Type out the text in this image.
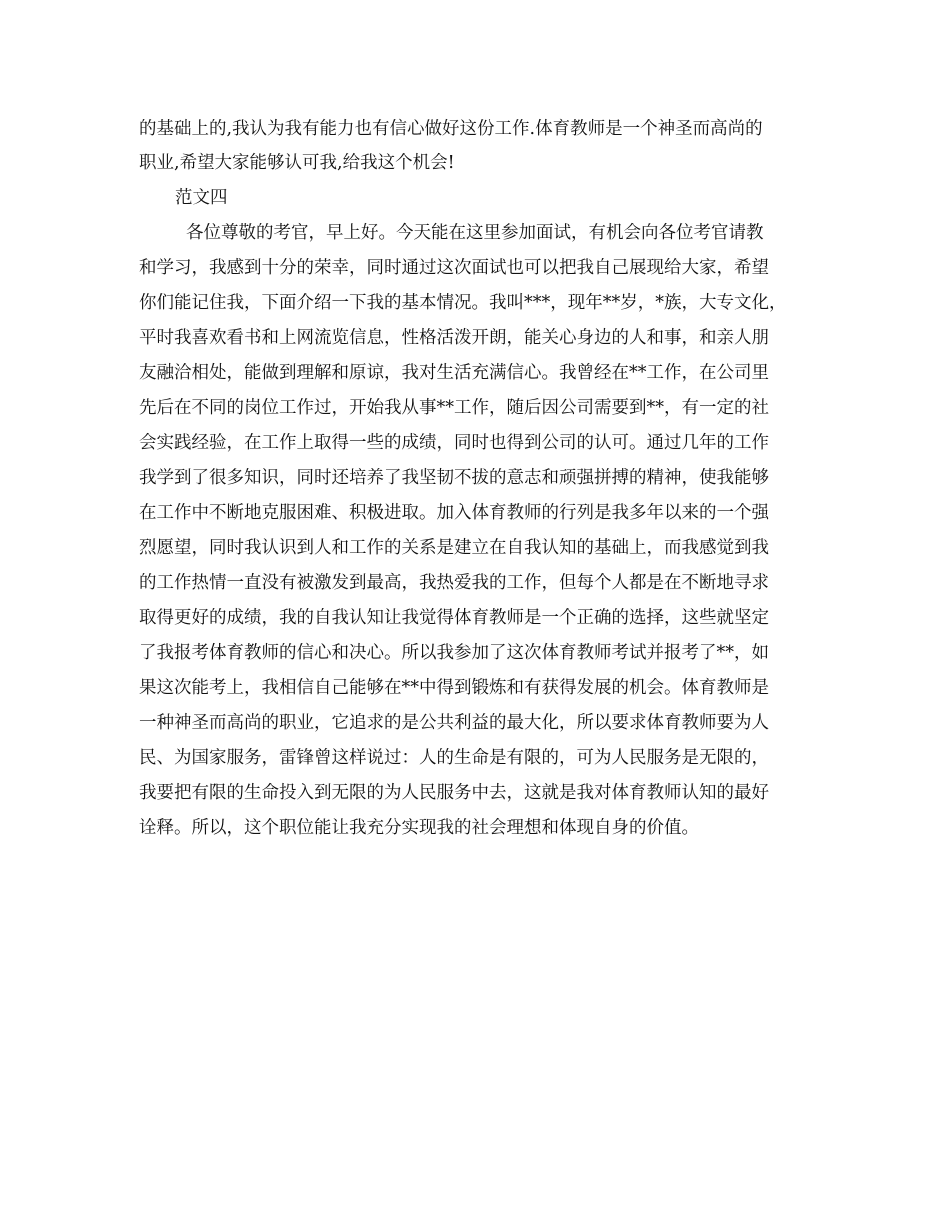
的基础上的,我认为我有能力也有信心做好这份工作.体育教师是一个神圣而高尚的
职业,希望大家能够认可我,给我这个机会!
范文四
各位尊敬的考官，早上好。今天能在这里参加面试，有机会向各位考官请教
和学习，我感到十分的荣幸，同时通过这次面试也可以把我自己展现给大家，希望
你们能记住我，下面介绍一下我的基本情况。我叫***，现年**岁，*族，大专文化，
平时我喜欢看书和上网流览信息，性格活泼开朗，能关心身边的人和事，和亲人朋
友融洽相处，能做到理解和原谅，我对生活充满信心。我曾经在**工作，在公司里
先后在不同的岗位工作过，开始我从事**工作，随后因公司需要到**，有一定的社
会实践经验，在工作上取得一些的成绩，同时也得到公司的认可。通过几年的工作
我学到了很多知识，同时还培养了我坚韧不拔的意志和顽强拼搏的精神，使我能够
在工作中不断地克服困难、积极进取。加入体育教师的行列是我多年以来的一个强
烈愿望，同时我认识到人和工作的关系是建立在自我认知的基础上，而我感觉到我
的工作热情一直没有被激发到最高，我热爱我的工作，但每个人都是在不断地寻求
取得更好的成绩，我的自我认知让我觉得体育教师是一个正确的选择，这些就坚定
了我报考体育教师的信心和决心。所以我参加了这次体育教师考试并报考了**，如
果这次能考上，我相信自己能够在**中得到锻炼和有获得发展的机会。体育教师是
一种神圣而高尚的职业，它追求的是公共利益的最大化，所以要求体育教师要为人
民、为国家服务，雷锋曾这样说过：人的生命是有限的，可为人民服务是无限的，
我要把有限的生命投入到无限的为人民服务中去，这就是我对体育教师认知的最好
诠释。所以，这个职位能让我充分实现我的社会理想和体现自身的价值。
